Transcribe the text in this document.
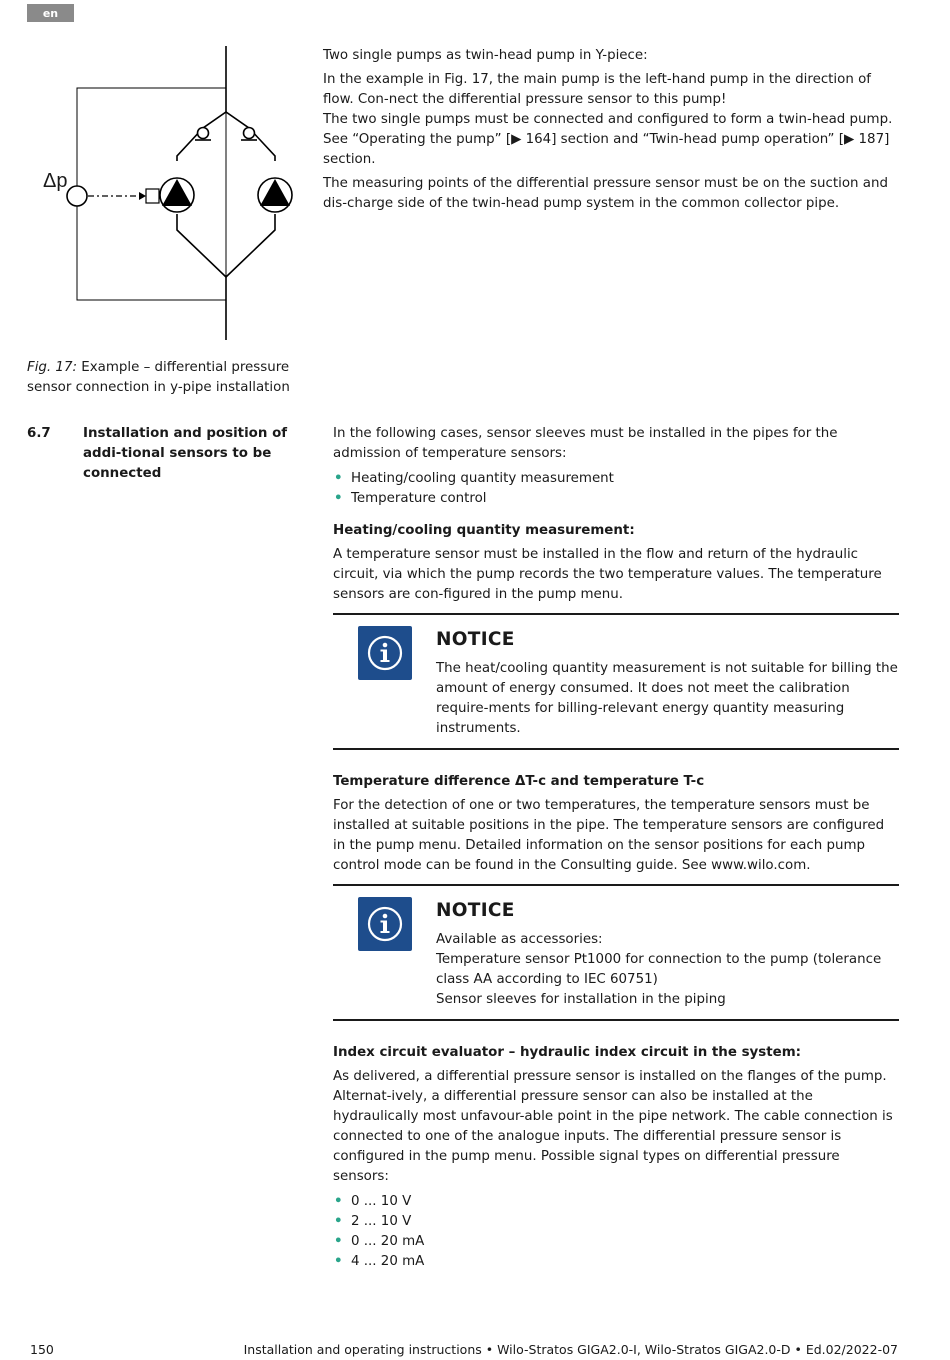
en
Δp
Fig. 17: Example – differential pressure sensor connection in y-pipe installation

Two single pumps as twin-head pump in Y-piece:

In the example in Fig. 17, the main pump is the left-hand pump in the direction of flow. Con-nect the differential pressure sensor to this pump!

The two single pumps must be connected and configured to form a twin-head pump. See “Operating the pump” [▶ 164] section and “Twin-head pump operation” [▶ 187] section.

The measuring points of the differential pressure sensor must be on the suction and dis-charge side of the twin-head pump system in the common collector pipe.

6.7 Installation and position of addi-tional sensors to be connected

In the following cases, sensor sleeves must be installed in the pipes for the admission of temperature sensors:

• Heating/cooling quantity measurement
• Temperature control
Heating/cooling quantity measurement:

A temperature sensor must be installed in the flow and return of the hydraulic circuit, via which the pump records the two temperature values. The temperature sensors are con-figured in the pump menu.

NOTICE
The heat/cooling quantity measurement is not suitable for billing the amount of energy consumed. It does not meet the calibration require-ments for billing-relevant energy quantity measuring instruments.
Temperature difference ΔT-c and temperature T-c

For the detection of one or two temperatures, the temperature sensors must be installed at suitable positions in the pipe. The temperature sensors are configured in the pump menu. Detailed information on the sensor positions for each pump control mode can be found in the Consulting guide. See www.wilo.com.

NOTICE
Available as accessories:
Temperature sensor Pt1000 for connection to the pump (tolerance class AA according to IEC 60751)
Sensor sleeves for installation in the piping
Index circuit evaluator – hydraulic index circuit in the system:

As delivered, a differential pressure sensor is installed on the flanges of the pump. Alternat-ively, a differential pressure sensor can also be installed at the hydraulically most unfavour-able point in the pipe network. The cable connection is connected to one of the analogue inputs. The differential pressure sensor is configured in the pump menu. Possible signal types on differential pressure sensors:

• 0 ... 10 V
• 2 ... 10 V
• 0 ... 20 mA
• 4 ... 20 mA
150	Installation and operating instructions • Wilo-Stratos GIGA2.0-I, Wilo-Stratos GIGA2.0-D • Ed.02/2022-07
